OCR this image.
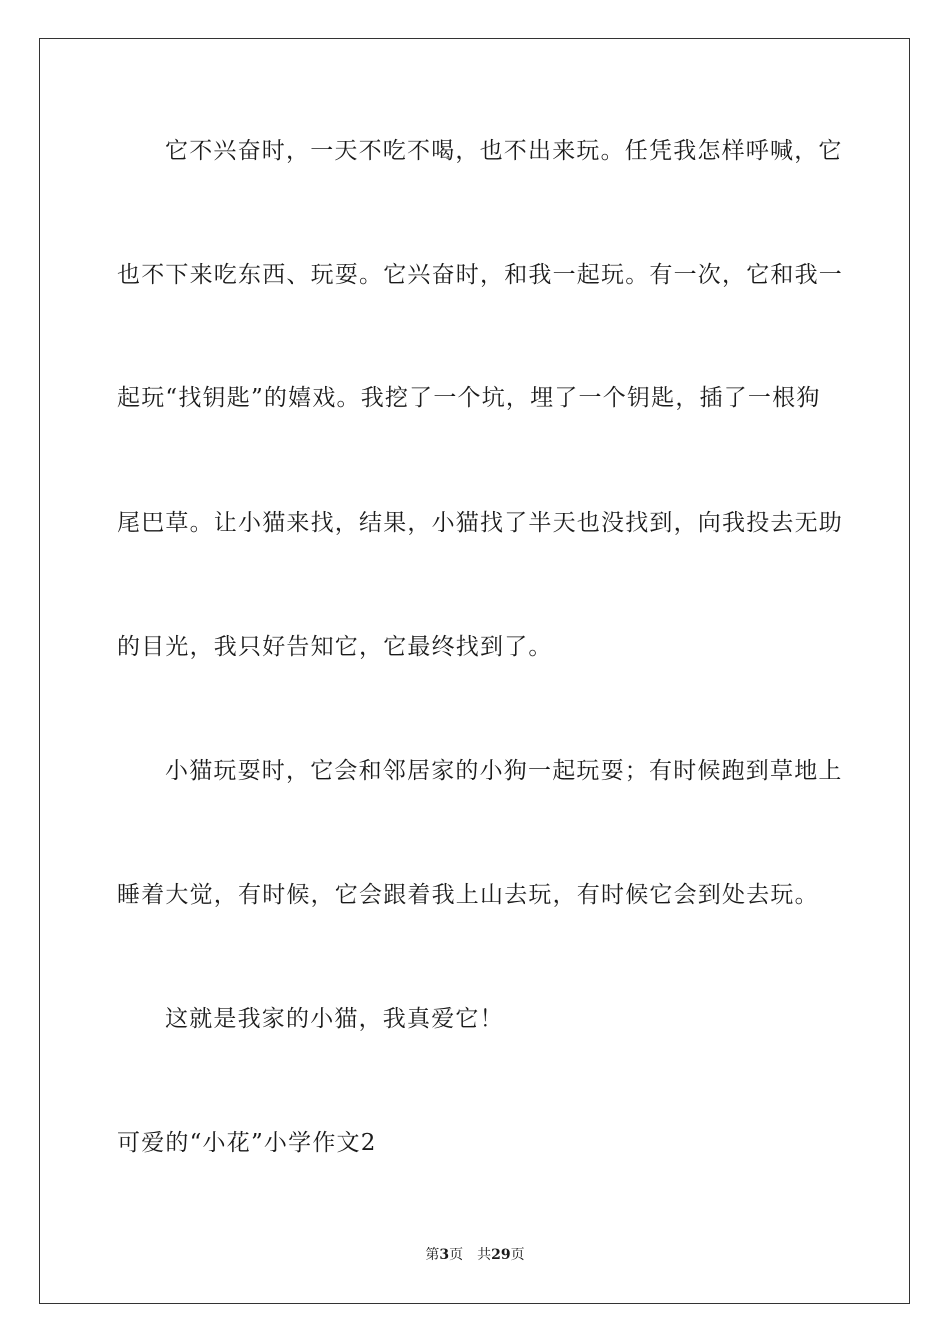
它不兴奋时，一天不吃不喝，也不出来玩。任凭我怎样呼喊，它
也不下来吃东西、玩耍。它兴奋时，和我一起玩。有一次，它和我一
起玩“找钥匙”的嬉戏。我挖了一个坑，埋了一个钥匙，插了一根狗
尾巴草。让小猫来找，结果，小猫找了半天也没找到，向我投去无助
的目光，我只好告知它，它最终找到了。
小猫玩耍时，它会和邻居家的小狗一起玩耍；有时候跑到草地上
睡着大觉，有时候，它会跟着我上山去玩，有时候它会到处去玩。
这就是我家的小猫，我真爱它！
可爱的“小花”小学作文2
第3页 共29页
